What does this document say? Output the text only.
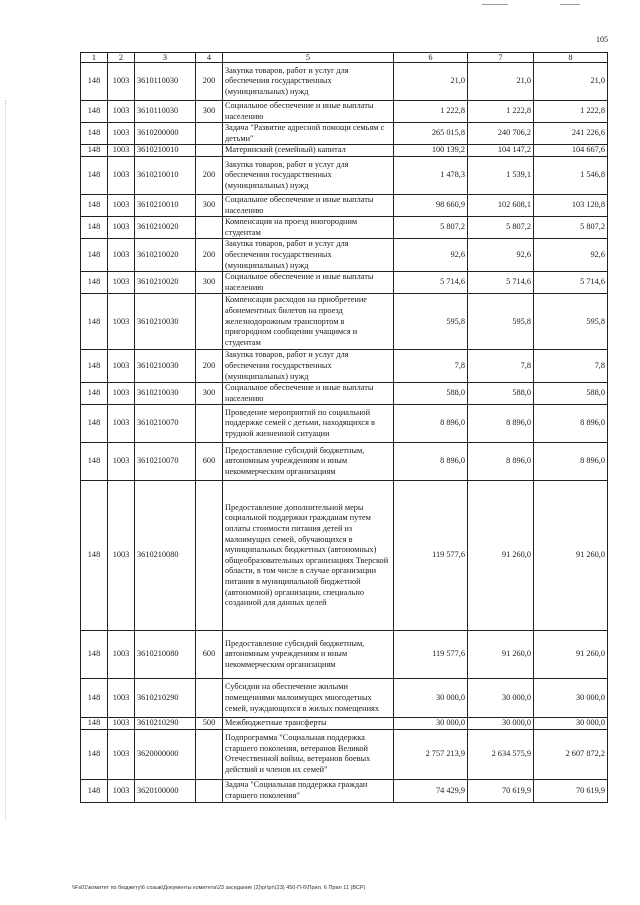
105
1	2	3	4	5	6	7	8
148	1003	3610110030	200	Закупка товаров, работ и услуг для обеспечения государственных (муниципальных) нужд	21,0	21,0	21,0
148	1003	3610110030	300	Социальное обеспечение и иные выплаты населению	1 222,8	1 222,8	1 222,8
148	1003	3610200000		Задача "Развитие адресной помощи семьям с детьми"	265 015,8	240 706,2	241 226,6
148	1003	3610210010		Материнский (семейный) капитал	100 139,2	104 147,2	104 667,6
148	1003	3610210010	200	Закупка товаров, работ и услуг для обеспечения государственных (муниципальных) нужд	1 478,3	1 539,1	1 546,8
148	1003	3610210010	300	Социальное обеспечение и иные выплаты населению	98 660,9	102 608,1	103 120,8
148	1003	3610210020		Компенсация на проезд иногородним студентам	5 807,2	5 807,2	5 807,2
148	1003	3610210020	200	Закупка товаров, работ и услуг для обеспечения государственных (муниципальных) нужд	92,6	92,6	92,6
148	1003	3610210020	300	Социальное обеспечение и иные выплаты населению	5 714,6	5 714,6	5 714,6
148	1003	3610210030		Компенсация расходов на приобретение абонементных билетов на проезд железнодорожным транспортом в пригородном сообщении учащимся и студентам	595,8	595,8	595,8
148	1003	3610210030	200	Закупка товаров, работ и услуг для обеспечения государственных (муниципальных) нужд	7,8	7,8	7,8
148	1003	3610210030	300	Социальное обеспечение и иные выплаты населению	588,0	588,0	588,0
148	1003	3610210070		Проведение мероприятий по социальной поддержке семей с детьми, находящихся в трудной жизненной ситуации	8 896,0	8 896,0	8 896,0
148	1003	3610210070	600	Предоставление субсидий бюджетным, автономным учреждениям и иным некоммерческим организациям	8 896,0	8 896,0	8 896,0
148	1003	3610210080		Предоставление дополнительной меры социальной поддержки гражданам путем оплаты стоимости питания детей из малоимущих семей, обучающихся в муниципальных бюджетных (автономных) общеобразовательных организациях Тверской области, в том числе в случае организации питания в муниципальной бюджетной (автономной) организации, специально созданной для данных целей	119 577,6	91 260,0	91 260,0
148	1003	3610210080	600	Предоставление субсидий бюджетным, автономным учреждениям и иным некоммерческим организациям	119 577,6	91 260,0	91 260,0
148	1003	3610210290		Субсидии на обеспечение жилыми помещениями малоимущих многодетных семей, нуждающихся в жилых помещениях	30 000,0	30 000,0	30 000,0
148	1003	3610210290	500	Межбюджетные трансферты	30 000,0	30 000,0	30 000,0
148	1003	3620000000		Подпрограмма "Социальная поддержка старшего поколения, ветеранов Великой Отечественной войны, ветеранов боевых действий и членов их семей"	2 757 213,9	2 634 575,9	2 607 872,2
148	1003	3620100000		Задача "Социальная поддержка граждан старшего поколения"	74 429,9	70 619,9	70 619,9
\\Fs01\комитет по бюджету\6 созыв\Документы комитета\23 заседание (2)\pr\pr\(23) 450-П-6\Прил. 6 Прил 11 (ВСР)
